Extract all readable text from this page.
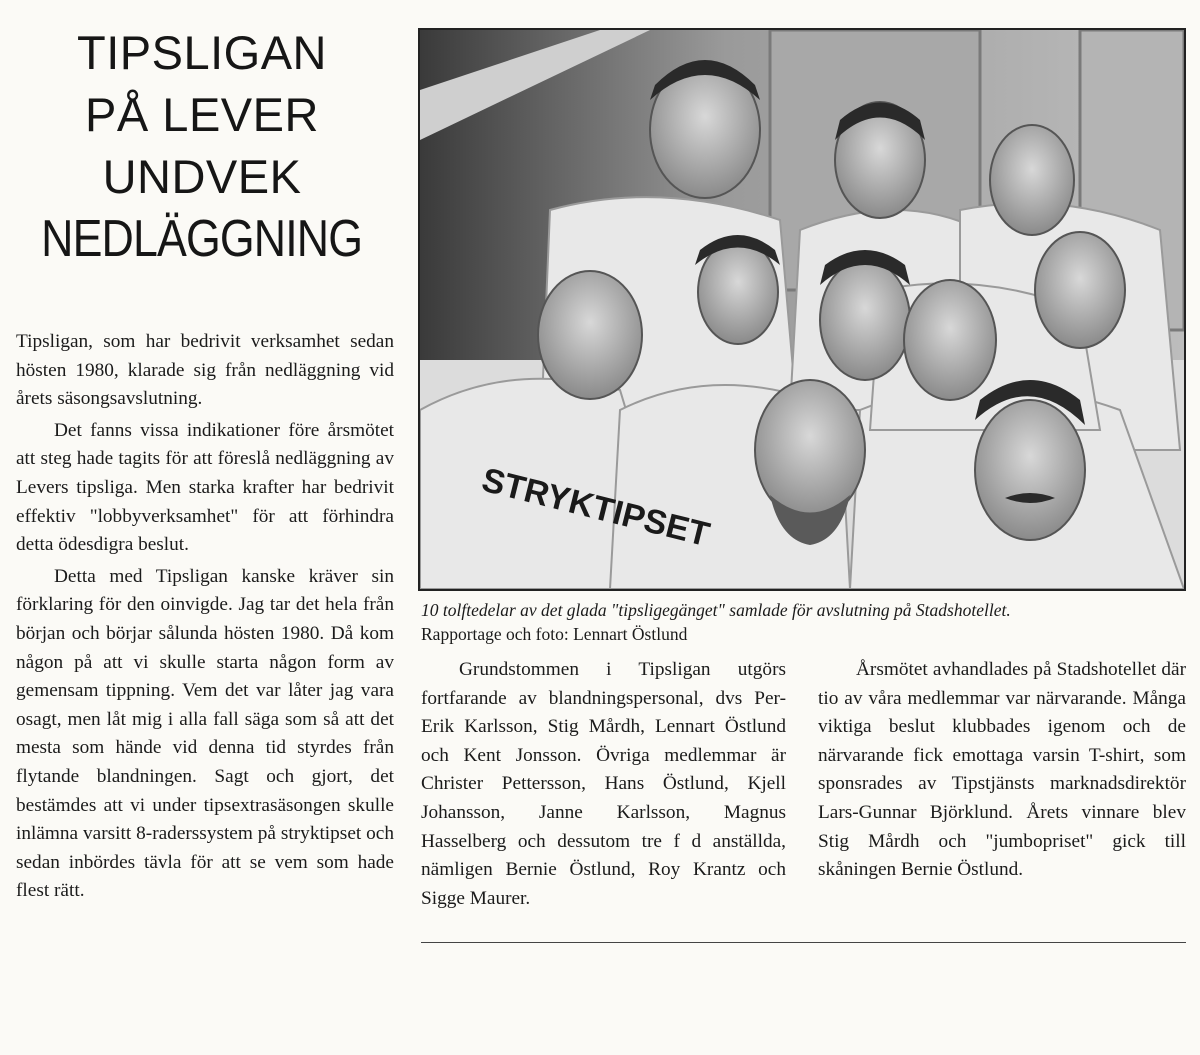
TIPSLIGAN
PÅ LEVER
UNDVEK
NEDLÄGGNING

Tipsligan, som har bedrivit verksamhet sedan hösten 1980, klarade sig från nedläggning vid årets säsongsavslutning.

Det fanns vissa indikationer före årsmötet att steg hade tagits för att föreslå nedläggning av Levers tipsliga. Men starka krafter har bedrivit effektiv "lobbyverksamhet" för att förhindra detta ödesdigra beslut.

Detta med Tipsligan kanske kräver sin förklaring för den oinvigde. Jag tar det hela från början och börjar sålunda hösten 1980. Då kom någon på att vi skulle starta någon form av gemensam tippning. Vem det var låter jag vara osagt, men låt mig i alla fall säga som så att det mesta som hände vid denna tid styrdes från flytande blandningen. Sagt och gjort, det bestämdes att vi under tipsextrasäsongen skulle inlämna varsitt 8-raderssystem på stryktipset och sedan inbördes tävla för att se vem som hade flest rätt.

STRYKTIPSET
10 tolftedelar av det glada "tipsligegänget" samlade för avslutning på Stadshotellet.
Rapportage och foto: Lennart Östlund

Grundstommen i Tipsligan utgörs fortfarande av blandningspersonal, dvs Per-Erik Karlsson, Stig Mårdh, Lennart Östlund och Kent Jonsson. Övriga medlemmar är Christer Pettersson, Hans Östlund, Kjell Johansson, Janne Karlsson, Magnus Hasselberg och dessutom tre f d anställda, nämligen Bernie Östlund, Roy Krantz och Sigge Maurer.

Årsmötet avhandlades på Stadshotellet där tio av våra medlemmar var närvarande. Många viktiga beslut klubbades igenom och de närvarande fick emottaga varsin T-shirt, som sponsrades av Tipstjänsts marknadsdirektör Lars-Gunnar Björklund. Årets vinnare blev Stig Mårdh och "jumbopriset" gick till skåningen Bernie Östlund.
